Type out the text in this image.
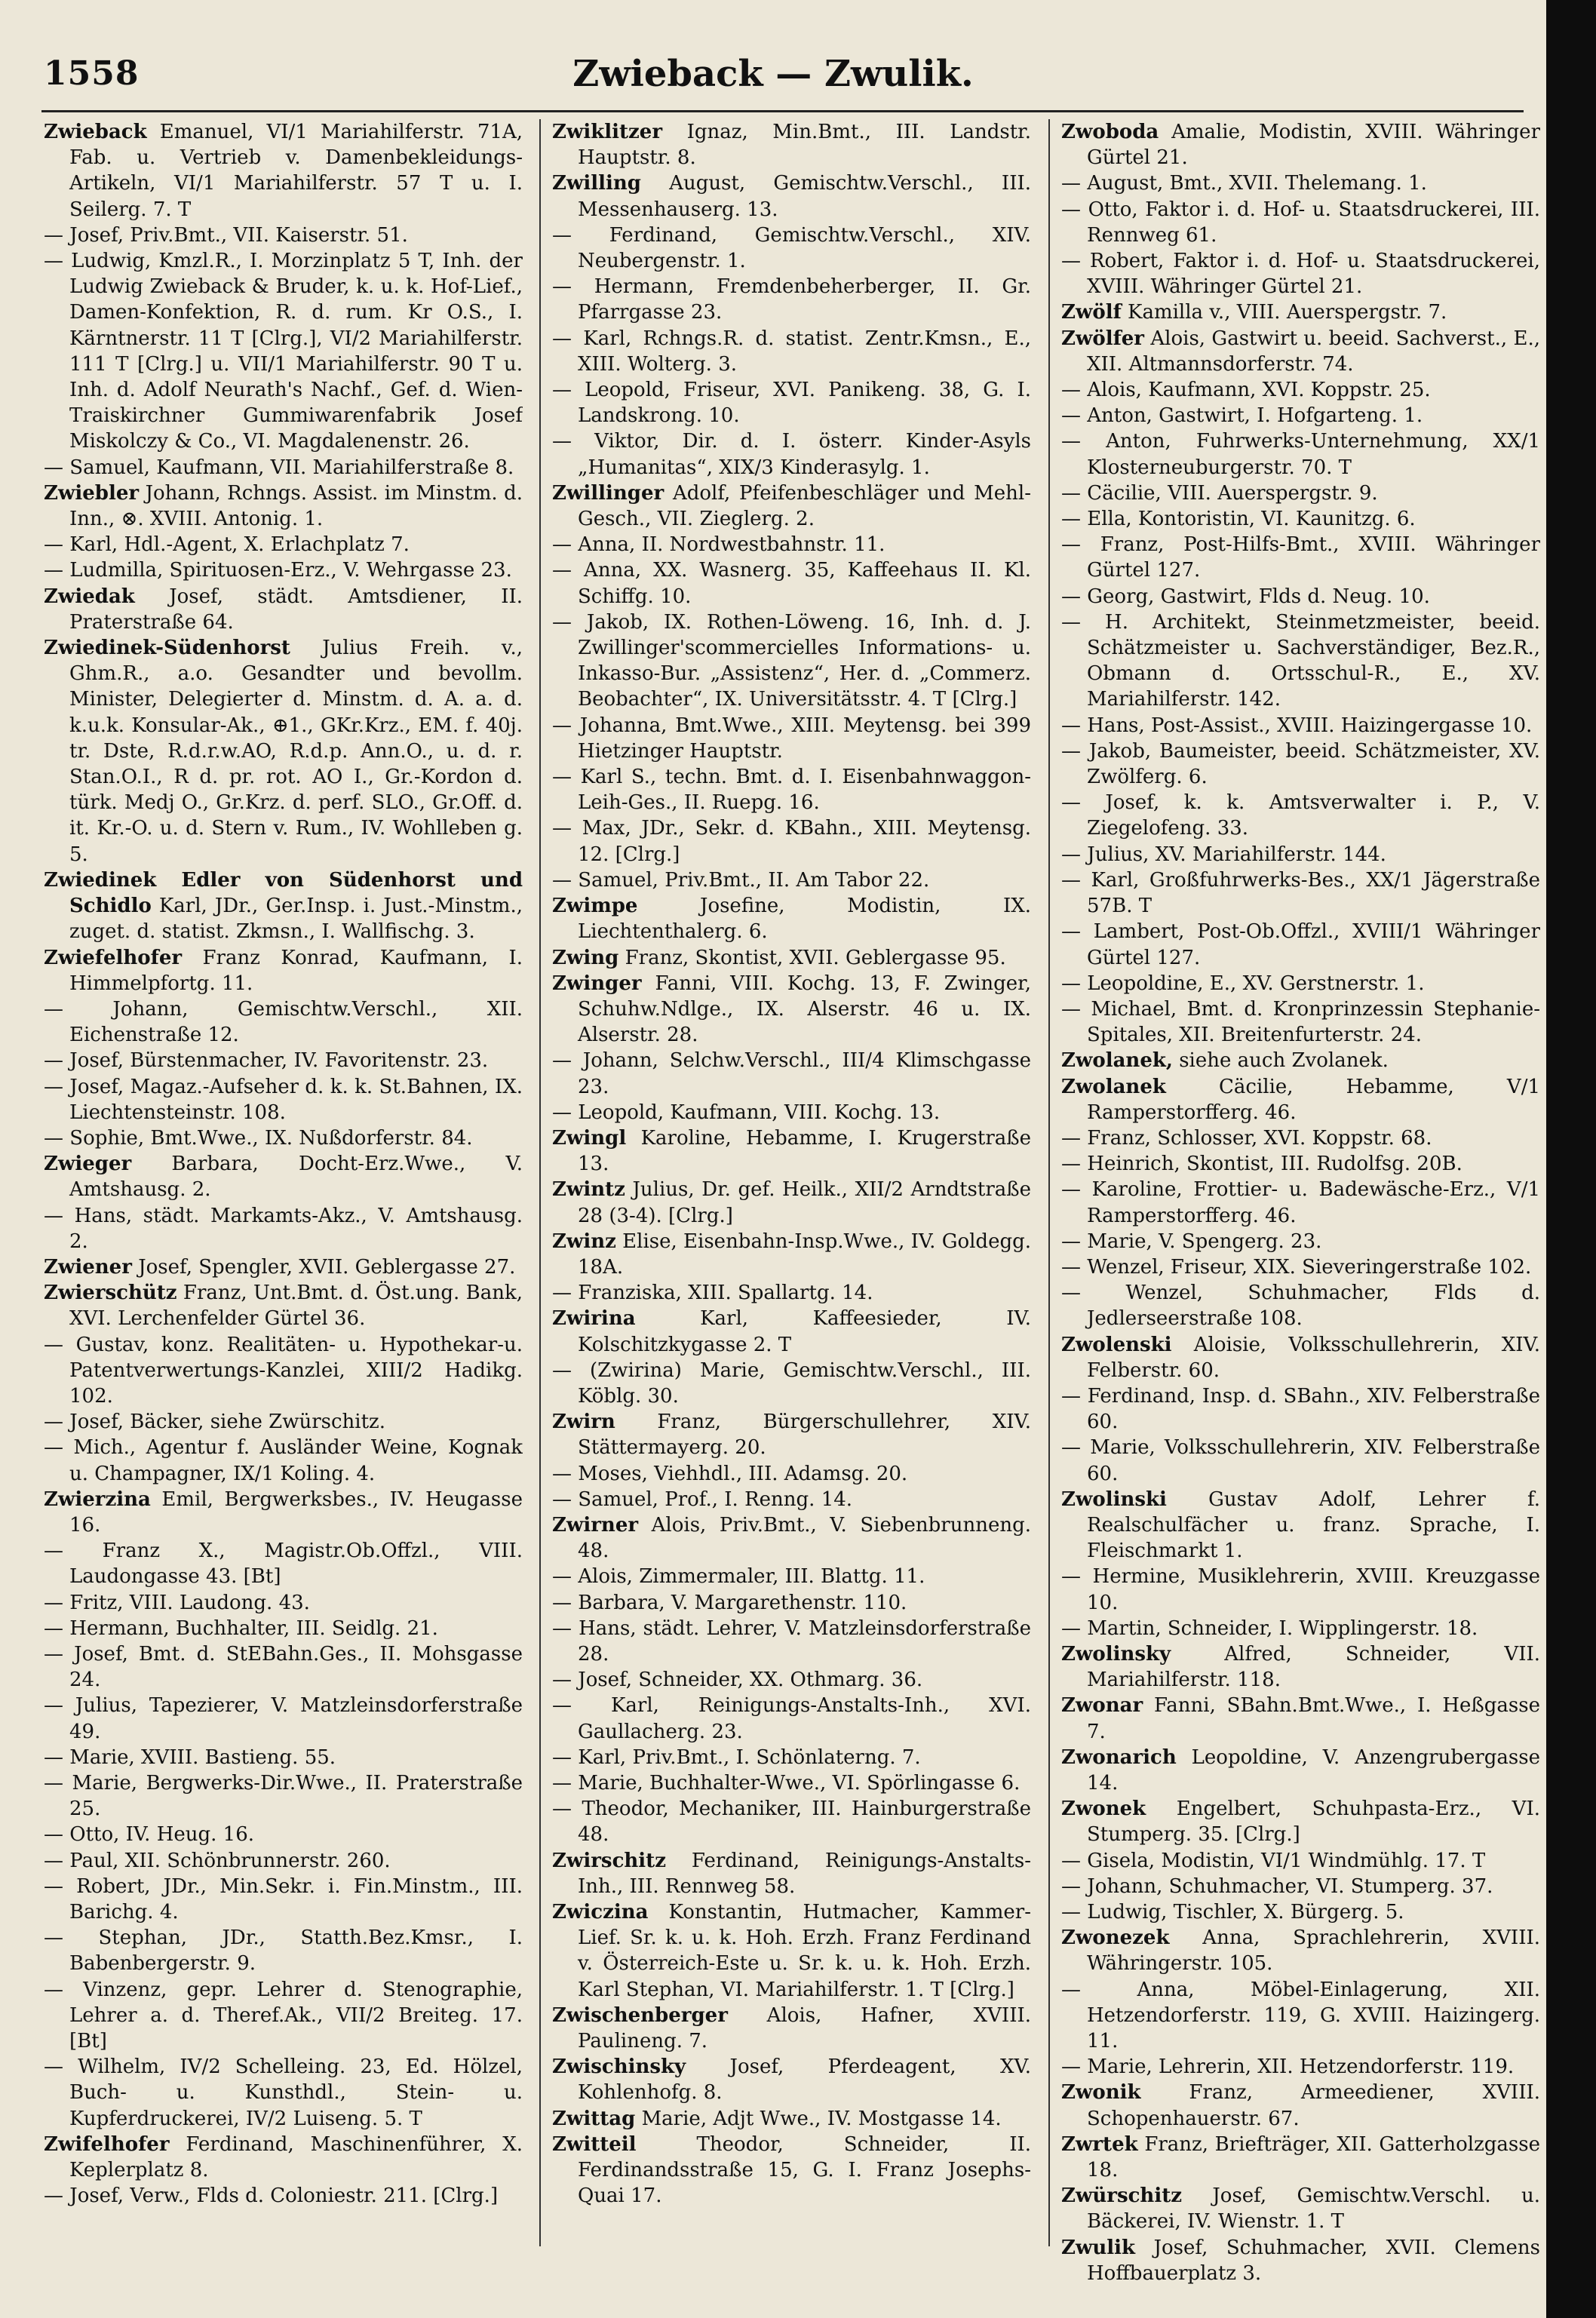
1558	Zwieback — Zwulik.

Zwieback Emanuel, VI/1 Mariahilferstr. 71A, Fab. u. Vertrieb v. Damenbekleidungs-Artikeln, VI/1 Mariahilferstr. 57 T u. I. Seilerg. 7. T

— Josef, Priv.Bmt., VII. Kaiserstr. 51.

— Ludwig, Kmzl.R., I. Morzinplatz 5 T, Inh. der Ludwig Zwieback & Bruder, k. u. k. Hof-Lief., Damen-Konfektion, R. d. rum. Kr O.S., I. Kärntnerstr. 11 T [Clrg.], VI/2 Mariahilferstr. 111 T [Clrg.] u. VII/1 Mariahilferstr. 90 T u. Inh. d. Adolf Neurath's Nachf., Gef. d. Wien-Traiskirchner Gummiwarenfabrik Josef Miskolczy & Co., VI. Magdalenenstr. 26.

— Samuel, Kaufmann, VII. Mariahilferstraße 8.

Zwiebler Johann, Rchngs. Assist. im Minstm. d. Inn., ⊗. XVIII. Antonig. 1.

— Karl, Hdl.-Agent, X. Erlachplatz 7.

— Ludmilla, Spirituosen-Erz., V. Wehrgasse 23.

Zwiedak Josef, städt. Amtsdiener, II. Praterstraße 64.

Zwiedinek-Südenhorst Julius Freih. v., Ghm.R., a.o. Gesandter und bevollm. Minister, Delegierter d. Minstm. d. A. a. d. k.u.k. Konsular-Ak., ⊕1., GKr.Krz., EM. f. 40j. tr. Dste, R.d.r.w.AO, R.d.p. Ann.O., u. d. r. Stan.O.I., R d. pr. rot. AO I., Gr.-Kordon d. türk. Medj O., Gr.Krz. d. perf. SLO., Gr.Off. d. it. Kr.-O. u. d. Stern v. Rum., IV. Wohlleben g. 5.

Zwiedinek Edler von Südenhorst und Schidlo Karl, JDr., Ger.Insp. i. Just.-Minstm., zuget. d. statist. Zkmsn., I. Wallfischg. 3.

Zwiefelhofer Franz Konrad, Kaufmann, I. Himmelpfortg. 11.

— Johann, Gemischtw.Verschl., XII. Eichenstraße 12.

— Josef, Bürstenmacher, IV. Favoritenstr. 23.

— Josef, Magaz.-Aufseher d. k. k. St.Bahnen, IX. Liechtensteinstr. 108.

— Sophie, Bmt.Wwe., IX. Nußdorferstr. 84.

Zwieger Barbara, Docht-Erz.Wwe., V. Amtshausg. 2.

— Hans, städt. Markamts-Akz., V. Amtshausg. 2.

Zwiener Josef, Spengler, XVII. Geblergasse 27.

Zwierschütz Franz, Unt.Bmt. d. Öst.ung. Bank, XVI. Lerchenfelder Gürtel 36.

— Gustav, konz. Realitäten- u. Hypothekar-u. Patentverwertungs-Kanzlei, XIII/2 Hadikg. 102.

— Josef, Bäcker, siehe Zwürschitz.

— Mich., Agentur f. Ausländer Weine, Kognak u. Champagner, IX/1 Koling. 4.

Zwierzina Emil, Bergwerksbes., IV. Heugasse 16.

— Franz X., Magistr.Ob.Offzl., VIII. Laudongasse 43. [Bt]

— Fritz, VIII. Laudong. 43.

— Hermann, Buchhalter, III. Seidlg. 21.

— Josef, Bmt. d. StEBahn.Ges., II. Mohsgasse 24.

— Julius, Tapezierer, V. Matzleinsdorferstraße 49.

— Marie, XVIII. Bastieng. 55.

— Marie, Bergwerks-Dir.Wwe., II. Praterstraße 25.

— Otto, IV. Heug. 16.

— Paul, XII. Schönbrunnerstr. 260.

— Robert, JDr., Min.Sekr. i. Fin.Minstm., III. Barichg. 4.

— Stephan, JDr., Statth.Bez.Kmsr., I. Babenbergerstr. 9.

— Vinzenz, gepr. Lehrer d. Stenographie, Lehrer a. d. Theref.Ak., VII/2 Breiteg. 17. [Bt]

— Wilhelm, IV/2 Schelleing. 23, Ed. Hölzel, Buch- u. Kunsthdl., Stein- u. Kupferdruckerei, IV/2 Luiseng. 5. T

Zwifelhofer Ferdinand, Maschinenführer, X. Keplerplatz 8.

— Josef, Verw., Flds d. Coloniestr. 211. [Clrg.]

Zwiklitzer Ignaz, Min.Bmt., III. Landstr. Hauptstr. 8.

Zwilling August, Gemischtw.Verschl., III. Messenhauserg. 13.

— Ferdinand, Gemischtw.Verschl., XIV. Neubergenstr. 1.

— Hermann, Fremdenbeherberger, II. Gr. Pfarrgasse 23.

— Karl, Rchngs.R. d. statist. Zentr.Kmsn., E., XIII. Wolterg. 3.

— Leopold, Friseur, XVI. Panikeng. 38, G. I. Landskrong. 10.

— Viktor, Dir. d. I. österr. Kinder-Asyls „Humanitas“, XIX/3 Kinderasylg. 1.

Zwillinger Adolf, Pfeifenbeschläger und Mehl-Gesch., VII. Zieglerg. 2.

— Anna, II. Nordwestbahnstr. 11.

— Anna, XX. Wasnerg. 35, Kaffeehaus II. Kl. Schiffg. 10.

— Jakob, IX. Rothen-Löweng. 16, Inh. d. J. Zwillinger'scommercielles Informations- u. Inkasso-Bur. „Assistenz“, Her. d. „Commerz. Beobachter“, IX. Universitätsstr. 4. T [Clrg.]

— Johanna, Bmt.Wwe., XIII. Meytensg. bei 399 Hietzinger Hauptstr.

— Karl S., techn. Bmt. d. I. Eisenbahnwaggon-Leih-Ges., II. Ruepg. 16.

— Max, JDr., Sekr. d. KBahn., XIII. Meytensg. 12. [Clrg.]

— Samuel, Priv.Bmt., II. Am Tabor 22.

Zwimpe	Josefine, Modistin, IX. Liechtenthalerg. 6.

Zwing Franz, Skontist, XVII. Geblergasse 95.

Zwinger Fanni, VIII. Kochg. 13, F. Zwinger, Schuhw.Ndlge., IX. Alserstr. 46 u. IX. Alserstr. 28.

— Johann, Selchw.Verschl., III/4 Klimschgasse 23.

— Leopold, Kaufmann, VIII. Kochg. 13.

Zwingl Karoline, Hebamme, I. Krugerstraße 13.

Zwintz Julius, Dr. gef. Heilk., XII/2 Arndtstraße 28 (3-4). [Clrg.]

Zwinz Elise, Eisenbahn-Insp.Wwe., IV. Goldegg. 18A.

— Franziska, XIII. Spallartg. 14.

Zwirina	Karl, Kaffeesieder, IV. Kolschitzkygasse 2. T

— (Zwirina) Marie, Gemischtw.Verschl., III. Köblg. 30.

Zwirn Franz, Bürgerschullehrer, XIV. Stättermayerg. 20.

— Moses, Viehhdl., III. Adamsg. 20.

— Samuel, Prof., I. Renng. 14.

Zwirner Alois, Priv.Bmt., V. Siebenbrunneng. 48.

— Alois, Zimmermaler, III. Blattg. 11.

— Barbara, V. Margarethenstr. 110.

— Hans, städt. Lehrer, V. Matzleinsdorferstraße 28.

— Josef, Schneider, XX. Othmarg. 36.

— Karl, Reinigungs-Anstalts-Inh., XVI. Gaullacherg. 23.

— Karl, Priv.Bmt., I. Schönlaterng. 7.

— Marie, Buchhalter-Wwe., VI. Spörlingasse 6.

— Theodor, Mechaniker, III. Hainburgerstraße 48.

Zwirschitz Ferdinand, Reinigungs-Anstalts-Inh., III. Rennweg 58.

Zwiczina Konstantin, Hutmacher, Kammer-Lief. Sr. k. u. k. Hoh. Erzh. Franz Ferdinand v. Österreich-Este u. Sr. k. u. k. Hoh. Erzh. Karl Stephan, VI. Mariahilferstr. 1. T [Clrg.]

Zwischenberger Alois, Hafner, XVIII. Paulineng. 7.

Zwischinsky Josef, Pferdeagent, XV. Kohlenhofg. 8.

Zwittag Marie, Adjt Wwe., IV. Mostgasse 14.

Zwitteil	Theodor, Schneider, II. Ferdinandsstraße 15, G. I. Franz Josephs-Quai 17.

Zwoboda Amalie, Modistin, XVIII. Währinger Gürtel 21.

— August, Bmt., XVII. Thelemang. 1.

— Otto, Faktor i. d. Hof- u. Staatsdruckerei, III. Rennweg 61.

— Robert, Faktor i. d. Hof- u. Staatsdruckerei, XVIII. Währinger Gürtel 21.

Zwölf Kamilla v., VIII. Auerspergstr. 7.

Zwölfer Alois, Gastwirt u. beeid. Sachverst., E., XII. Altmannsdorferstr. 74.

— Alois, Kaufmann, XVI. Koppstr. 25.

— Anton, Gastwirt, I. Hofgarteng. 1.

— Anton, Fuhrwerks-Unternehmung, XX/1 Klosterneuburgerstr. 70. T

— Cäcilie, VIII. Auerspergstr. 9.

— Ella, Kontoristin, VI. Kaunitzg. 6.

— Franz, Post-Hilfs-Bmt., XVIII. Währinger Gürtel 127.

— Georg, Gastwirt, Flds d. Neug. 10.

— H. Architekt, Steinmetzmeister, beeid. Schätzmeister u. Sachverständiger, Bez.R., Obmann d. Ortsschul-R., E., XV. Mariahilferstr. 142.

— Hans, Post-Assist., XVIII. Haizingergasse 10.

— Jakob, Baumeister, beeid. Schätzmeister, XV. Zwölferg. 6.

— Josef, k. k. Amtsverwalter i. P., V. Ziegelofeng. 33.

— Julius, XV. Mariahilferstr. 144.

— Karl, Großfuhrwerks-Bes., XX/1 Jägerstraße 57B. T

— Lambert, Post-Ob.Offzl., XVIII/1 Währinger Gürtel 127.

— Leopoldine, E., XV. Gerstnerstr. 1.

— Michael, Bmt. d. Kronprinzessin Stephanie-Spitales, XII. Breitenfurterstr. 24.

Zwolanek, siehe auch Zvolanek.

Zwolanek	Cäcilie, Hebamme, V/1 Ramperstorfferg. 46.

— Franz, Schlosser, XVI. Koppstr. 68.

— Heinrich, Skontist, III. Rudolfsg. 20B.

— Karoline, Frottier- u. Badewäsche-Erz., V/1 Ramperstorfferg. 46.

— Marie, V. Spengerg. 23.

— Wenzel, Friseur, XIX. Sieveringerstraße 102.

— Wenzel, Schuhmacher, Flds d. Jedlerseerstraße 108.

Zwolenski Aloisie, Volksschullehrerin, XIV. Felberstr. 60.

— Ferdinand, Insp. d. SBahn., XIV. Felberstraße 60.

— Marie, Volksschullehrerin, XIV. Felberstraße 60.

Zwolinski Gustav Adolf, Lehrer f. Realschulfächer u. franz. Sprache, I. Fleischmarkt 1.

— Hermine, Musiklehrerin, XVIII. Kreuzgasse 10.

— Martin, Schneider, I. Wipplingerstr. 18.

Zwolinsky	Alfred, Schneider, VII. Mariahilferstr. 118.

Zwonar Fanni, SBahn.Bmt.Wwe., I. Heßgasse 7.

Zwonarich Leopoldine, V. Anzengrubergasse 14.

Zwonek Engelbert, Schuhpasta-Erz., VI. Stumperg. 35. [Clrg.]

— Gisela, Modistin, VI/1 Windmühlg. 17. T

— Johann, Schuhmacher, VI. Stumperg. 37.

— Ludwig, Tischler, X. Bürgerg. 5.

Zwonezek Anna, Sprachlehrerin, XVIII. Währingerstr. 105.

— Anna, Möbel-Einlagerung, XII. Hetzendorferstr. 119, G. XVIII. Haizingerg. 11.

— Marie, Lehrerin, XII. Hetzendorferstr. 119.

Zwonik Franz, Armeediener, XVIII. Schopenhauerstr. 67.

Zwrtek Franz, Briefträger, XII. Gatterholzgasse 18.

Zwürschitz Josef, Gemischtw.Verschl. u. Bäckerei, IV. Wienstr. 1. T

Zwulik Josef, Schuhmacher, XVII. Clemens Hoffbauerplatz 3.
